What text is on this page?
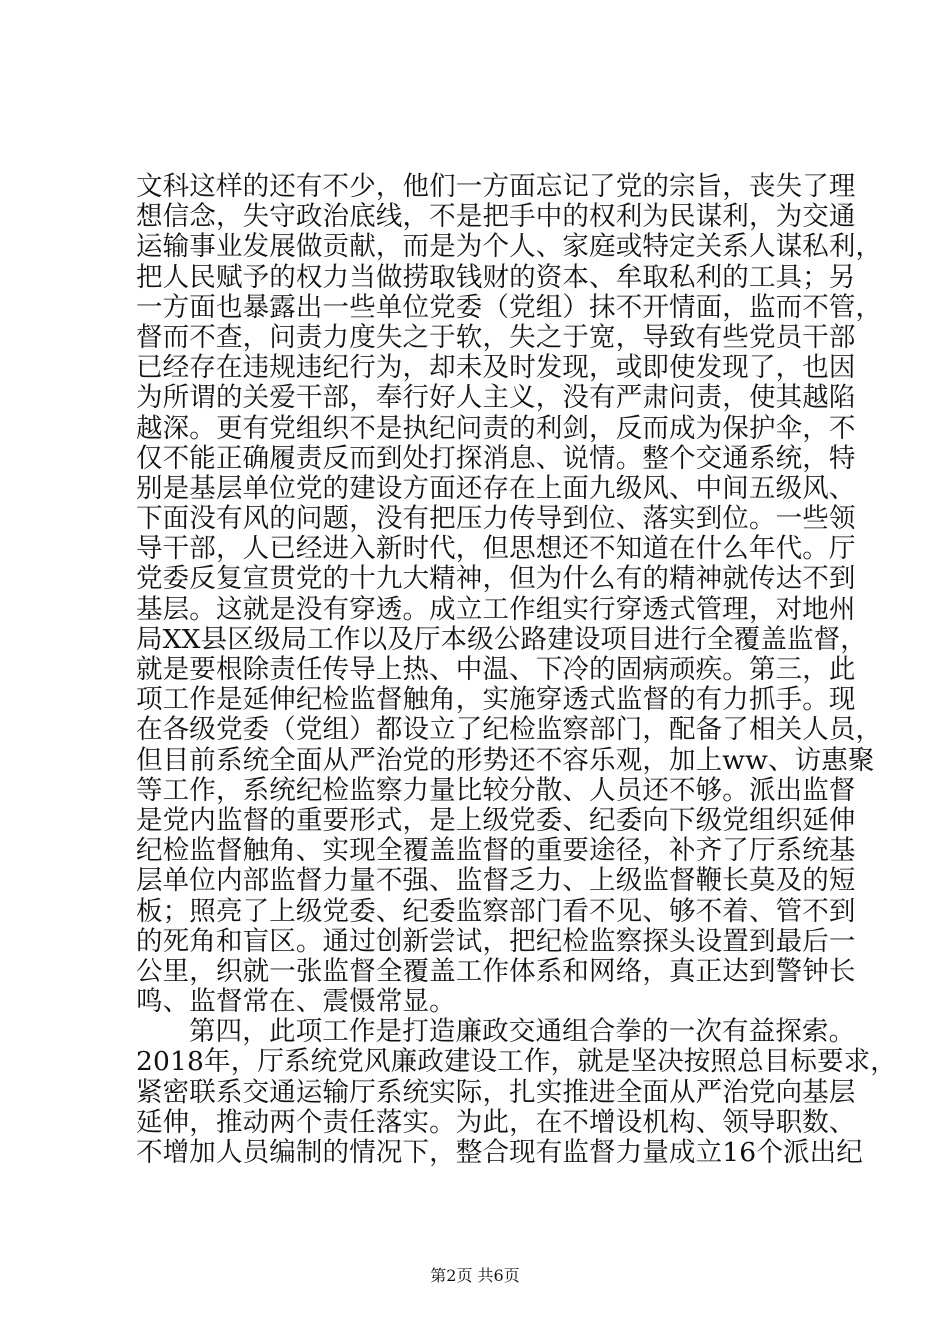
文科这样的还有不少，他们一方面忘记了党的宗旨，丧失了理
想信念，失守政治底线，不是把手中的权利为民谋利，为交通
运输事业发展做贡献，而是为个人、家庭或特定关系人谋私利，
把人民赋予的权力当做捞取钱财的资本、牟取私利的工具；另
一方面也暴露出一些单位党委（党组）抹不开情面，监而不管，
督而不查，问责力度失之于软，失之于宽，导致有些党员干部
已经存在违规违纪行为，却未及时发现，或即使发现了，也因
为所谓的关爱干部，奉行好人主义，没有严肃问责，使其越陷
越深。更有党组织不是执纪问责的利剑，反而成为保护伞，不
仅不能正确履责反而到处打探消息、说情。整个交通系统，特
别是基层单位党的建设方面还存在上面九级风、中间五级风、
下面没有风的问题，没有把压力传导到位、落实到位。一些领
导干部，人已经进入新时代，但思想还不知道在什么年代。厅
党委反复宣贯党的十九大精神，但为什么有的精神就传达不到
基层。这就是没有穿透。成立工作组实行穿透式管理，对地州
局XX县区级局工作以及厅本级公路建设项目进行全覆盖监督，
就是要根除责任传导上热、中温、下冷的固病顽疾。第三，此
项工作是延伸纪检监督触角，实施穿透式监督的有力抓手。现
在各级党委（党组）都设立了纪检监察部门，配备了相关人员，
但目前系统全面从严治党的形势还不容乐观，加上ww、访惠聚
等工作，系统纪检监察力量比较分散、人员还不够。派出监督
是党内监督的重要形式，是上级党委、纪委向下级党组织延伸
纪检监督触角、实现全覆盖监督的重要途径，补齐了厅系统基
层单位内部监督力量不强、监督乏力、上级监督鞭长莫及的短
板；照亮了上级党委、纪委监察部门看不见、够不着、管不到
的死角和盲区。通过创新尝试，把纪检监察探头设置到最后一
公里，织就一张监督全覆盖工作体系和网络，真正达到警钟长
鸣、监督常在、震慑常显。
第四，此项工作是打造廉政交通组合拳的一次有益探索。
2018年，厅系统党风廉政建设工作，就是坚决按照总目标要求，
紧密联系交通运输厅系统实际，扎实推进全面从严治党向基层
延伸，推动两个责任落实。为此，在不增设机构、领导职数、
不增加人员编制的情况下，整合现有监督力量成立16个派出纪
第2页 共6页
